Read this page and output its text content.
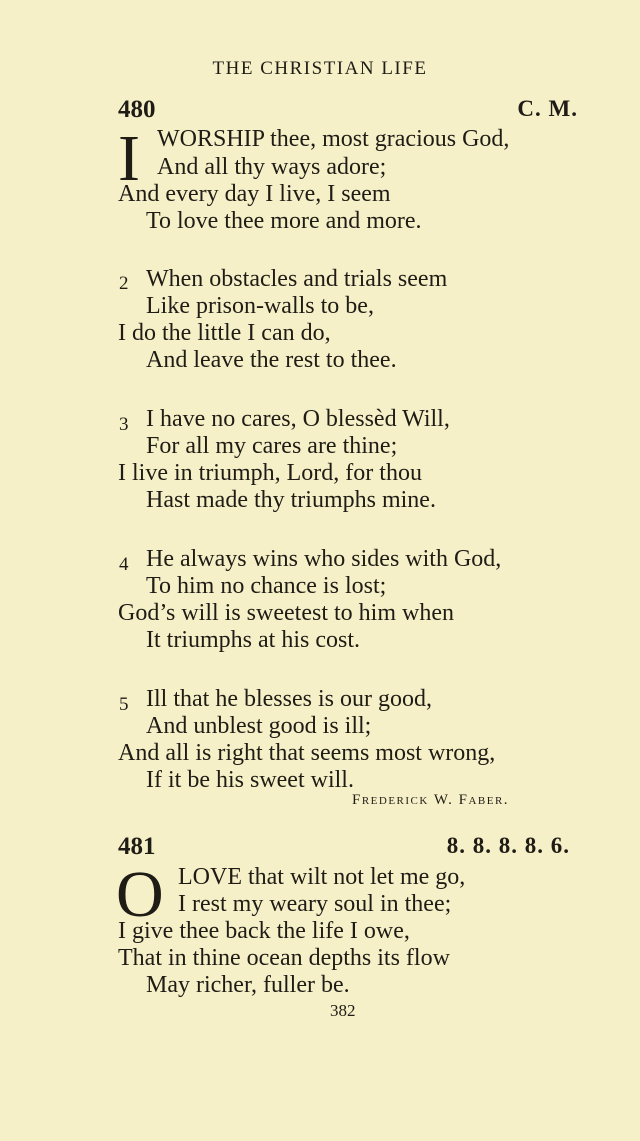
THE CHRISTIAN LIFE
480	C. M.
I WORSHIP thee, most gracious God,
And all thy ways adore;
And every day I live, I seem
To love thee more and more.
2 When obstacles and trials seem
Like prison-walls to be,
I do the little I can do,
And leave the rest to thee.
3 I have no cares, O blessèd Will,
For all my cares are thine;
I live in triumph, Lord, for thou
Hast made thy triumphs mine.
4 He always wins who sides with God,
To him no chance is lost;
God’s will is sweetest to him when
It triumphs at his cost.
5 Ill that he blesses is our good,
And unblest good is ill;
And all is right that seems most wrong,
If it be his sweet will.
Frederick W. Faber.
481	8. 8. 8. 8. 6.
O LOVE that wilt not let me go,
I rest my weary soul in thee;
I give thee back the life I owe,
That in thine ocean depths its flow
May richer, fuller be.
382
